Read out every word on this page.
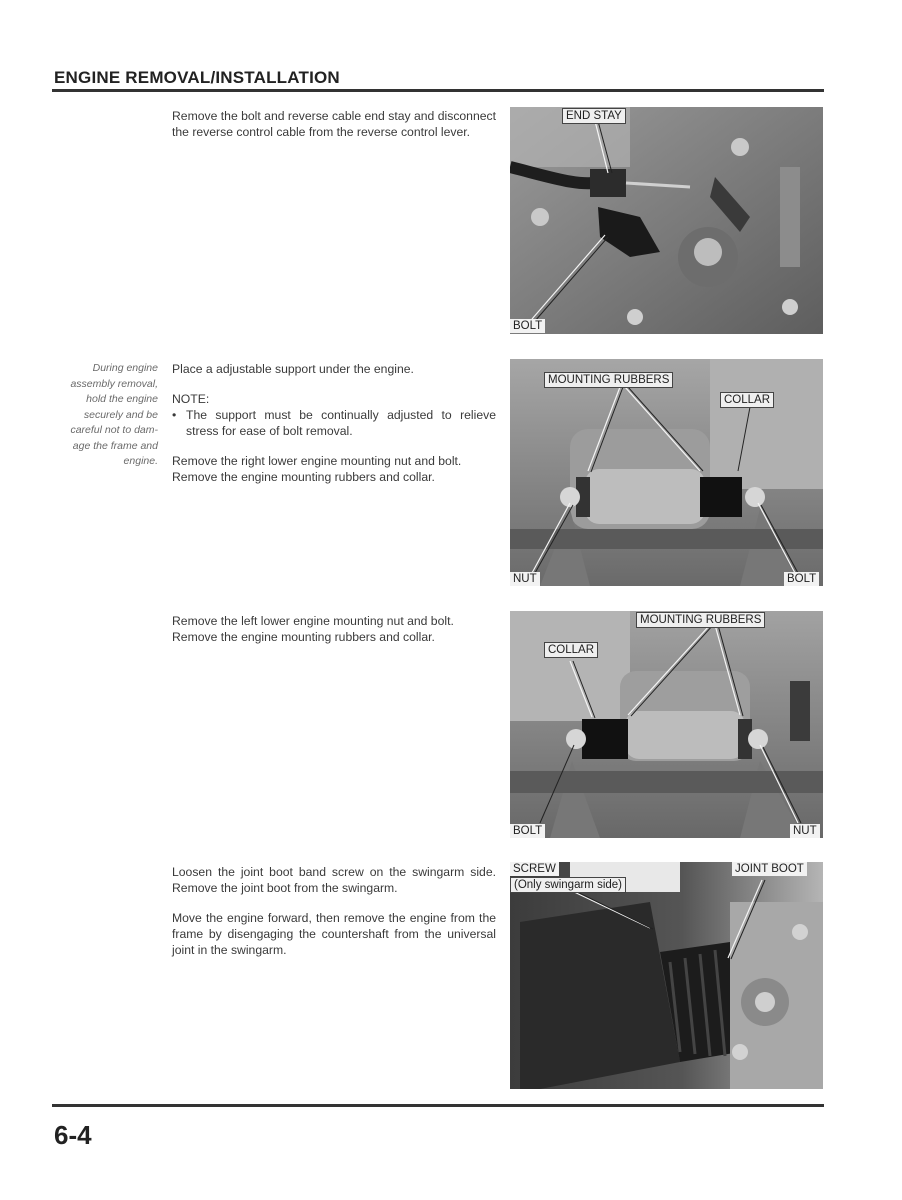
ENGINE REMOVAL/INSTALLATION
During engine
assembly removal,
hold the engine
securely and be
careful not to dam-
age the frame and
engine.

Remove the bolt and reverse cable end stay and disconnect the reverse control cable from the reverse control lever.

Place a adjustable support under the engine.

NOTE:

• The support must be continually adjusted to relieve stress for ease of bolt removal.

Remove the right lower engine mounting nut and bolt.

Remove the engine mounting rubbers and collar.

Remove the left lower engine mounting nut and bolt.

Remove the engine mounting rubbers and collar.

Loosen the joint boot band screw on the swingarm side. Remove the joint boot from the swingarm.

Move the engine forward, then remove the engine from the frame by disengaging the countershaft from the universal joint in the swingarm.

END STAY
BOLT
MOUNTING RUBBERS
COLLAR
NUT	BOLT
MOUNTING RUBBERS
COLLAR
BOLT	NUT
SCREW
(Only swingarm side)
JOINT BOOT
6-4
